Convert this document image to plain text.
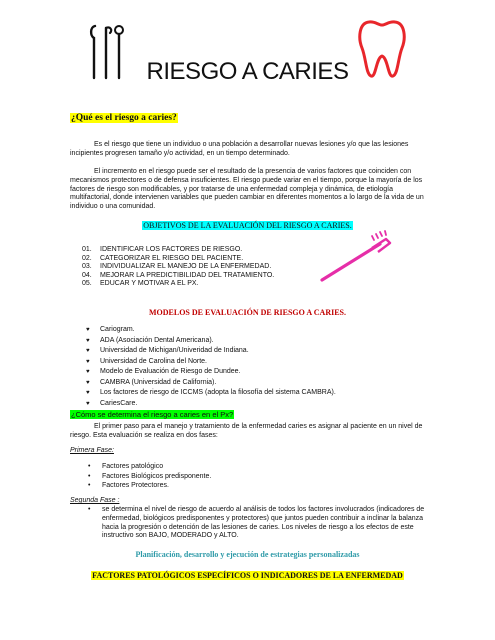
RIESGO A CARIES
¿Qué es el riesgo a caries?
Es el riesgo que tiene un individuo o una población a desarrollar nuevas lesiones y/o que las lesiones incipientes progresen tamaño y/o actividad, en un tiempo determinado.
El incremento en el riesgo puede ser el resultado de la presencia de varios factores que coinciden con mecanismos protectores o de defensa insuficientes. El riesgo puede variar en el tiempo, porque la mayoría de los factores de riesgo son modificables, y por tratarse de una enfermedad compleja y dinámica, de etiología multifactorial, donde intervienen variables que pueden cambiar en diferentes momentos a lo largo de la vida de un individuo o una comunidad.
OBJETIVOS DE LA EVALUACIÓN DEL RIESGO A CARIES.
01. IDENTIFICAR LOS FACTORES DE RIESGO.
02. CATEGORIZAR EL RIESGO DEL PACIENTE.
03. INDIVIDUALIZAR EL MANEJO DE LA ENFERMEDAD.
04. MEJORAR LA PREDICTIBILIDAD DEL TRATAMIENTO.
05. EDUCAR Y MOTIVAR A EL PX.
MODELOS DE EVALUACIÓN DE RIESGO A CARIES.
♥ Cariogram.
♥ ADA (Asociación Dental Americana).
♥ Universidad de Michigan/Univeridad de Indiana.
♥ Universidad de Carolina del Norte.
♥ Modelo de Evaluación de Riesgo de Dundee.
♥ CAMBRA (Universidad de California).
♥ Los factores de riesgo de ICCMS (adopta la filosofía del sistema CAMBRA).
♥ CariesCare.
¿Cómo se determina el riesgo a caries en el Px?
El primer paso para el manejo y tratamiento de la enfermedad caries es asignar al paciente en un nivel de riesgo. Esta evaluación se realiza en dos fases:
Primera Fase:
• Factores patológico
• Factores Biológicos predisponente.
• Factores Protectores.
Segunda Fase :
• se determina el nivel de riesgo de acuerdo al análisis de todos los factores involucrados (indicadores de enfermedad, biológicos predisponentes y protectores) que juntos pueden contribuir a inclinar la balanza hacia la progresión o detención de las lesiones de caries. Los niveles de riesgo a los efectos de este instructivo son BAJO, MODERADO y ALTO.
Planificación, desarrollo y ejecución de estrategias personalizadas
FACTORES PATOLÓGICOS ESPECÍFICOS O INDICADORES DE LA ENFERMEDAD
